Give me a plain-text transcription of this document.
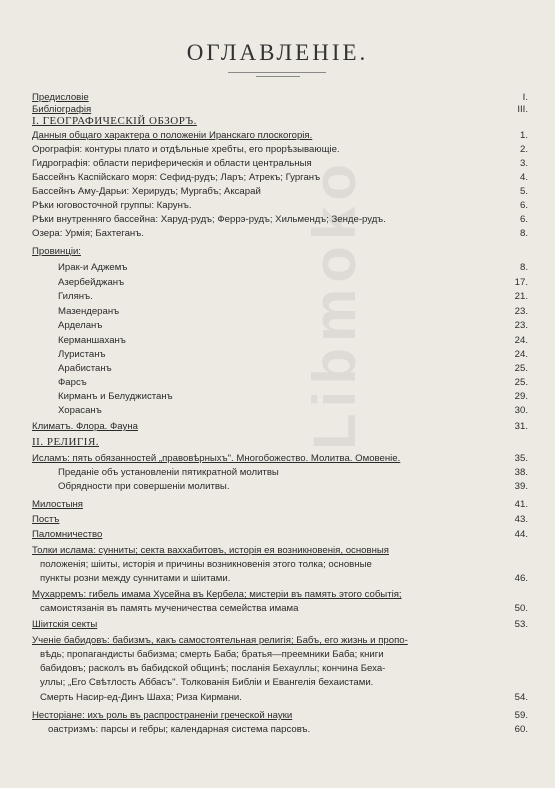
Libmoko
ОГЛАВЛЕНІЕ.
Предисловіе	I.
Библіографія	III.
I. ГЕОГРАФИЧЕСКІЙ ОБЗОРЪ.
Данныя общаго характера о положеніи Иранскаго плоскогорія.	1.
Орографія: контуры плато и отдѣльные хребты, его прорѣзывающіе.	2.
Гидрографія: области периферическія и области центральныя	3.
Бассейнъ Каспійскаго моря: Сефид-рудъ; Ларъ; Атрекъ; Гурганъ	4.
Бассейнъ Аму-Дарьи: Херирудъ; Мургабъ; Аксарай	5.
Рѣки юговосточной группы: Карунъ.	6.
Рѣки внутренняго бассейна: Харуд-рудъ; Феррэ-рудъ; Хильмендъ; Зенде-рудъ.	6.
Озера: Урмія; Бахтеганъ.	8.
Провинціи:
Ирак-и Аджемъ	8.
Азербейджанъ	17.
Гилянъ.	21.
Мазендеранъ	23.
Арделанъ	23.
Керманшаханъ	24.
Луристанъ	24.
Арабистанъ	25.
Фарсъ	25.
Кирманъ и Белуджистанъ	29.
Хорасанъ	30.
Климатъ. Флора. Фауна	31.
II. РЕЛИГІЯ.
Исламъ: пять обязанностей „правовѣрныхъ". Многобожество. Молитва. Омовеніе.	35.
Преданіе объ установленіи пятикратной молитвы	38.
Обрядности при совершеніи молитвы.	39.
Милостыня	41.
Постъ	43.
Паломничество	44.
Толки ислама: сунниты; секта ваххабитовъ, исторія ея возникновенія, основныя
положенія; шіиты, исторія и причины возникновенія этого толка; основные
пункты розни между суннитами и шіитами.	46.
Мухарремъ: гибель имама Хусейна въ Кербела; мистеріи въ память этого событія;
самоистязанія въ память мученичества семейства имама	50.
Шіитскія секты	53.
Ученіе бабидовъ: бабизмъ, какъ самостоятельная религія; Бабъ, его жизнь и пропо-
вѣдь; пропагандисты бабизма; смерть Баба; братья—преемники Баба; книги
бабидовъ; расколъ въ бабидской общинѣ; посланія Бехауллы; кончина Беха-
уллы; „Его Свѣтлость Аббасъ". Толкованія Библіи и Евангелія бехаистами.
Смерть Насир-ед-Динъ Шаха; Риза Кирмани.	54.
Несторіане: ихъ роль въ распространеніи греческой науки	59.
оастризмъ: парсы и гебры; календарная система парсовъ.	60.
